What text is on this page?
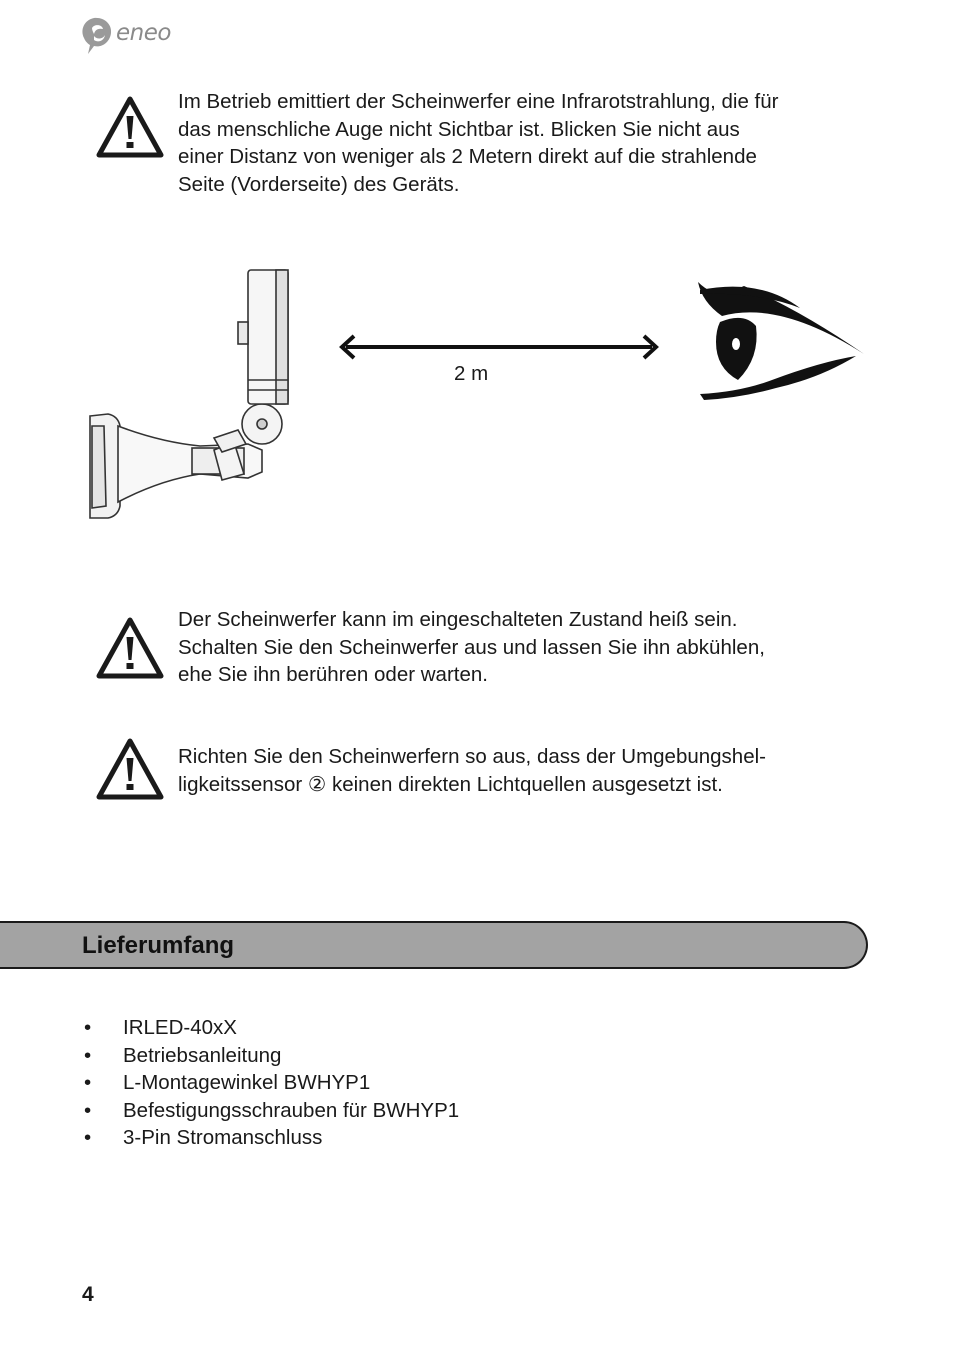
eneo
Im Betrieb emittiert der Scheinwerfer eine Infrarotstrahlung, die für
das menschliche Auge nicht Sichtbar ist. Blicken Sie nicht aus
einer Distanz von weniger als 2 Metern direkt auf die strahlende
Seite (Vorderseite) des Geräts.
2 m
Der Scheinwerfer kann im eingeschalteten Zustand heiß sein.
Schalten Sie den Scheinwerfer aus und lassen Sie ihn abkühlen,
ehe Sie ihn berühren oder warten.
Richten Sie den Scheinwerfern so aus, dass der Umgebungshel-
ligkeitssensor ② keinen direkten Lichtquellen ausgesetzt ist.
Lieferumfang
•	IRLED-40xX
•	Betriebsanleitung
•	L-Montagewinkel BWHYP1
•	Befestigungsschrauben für BWHYP1
•	3-Pin Stromanschluss
4
